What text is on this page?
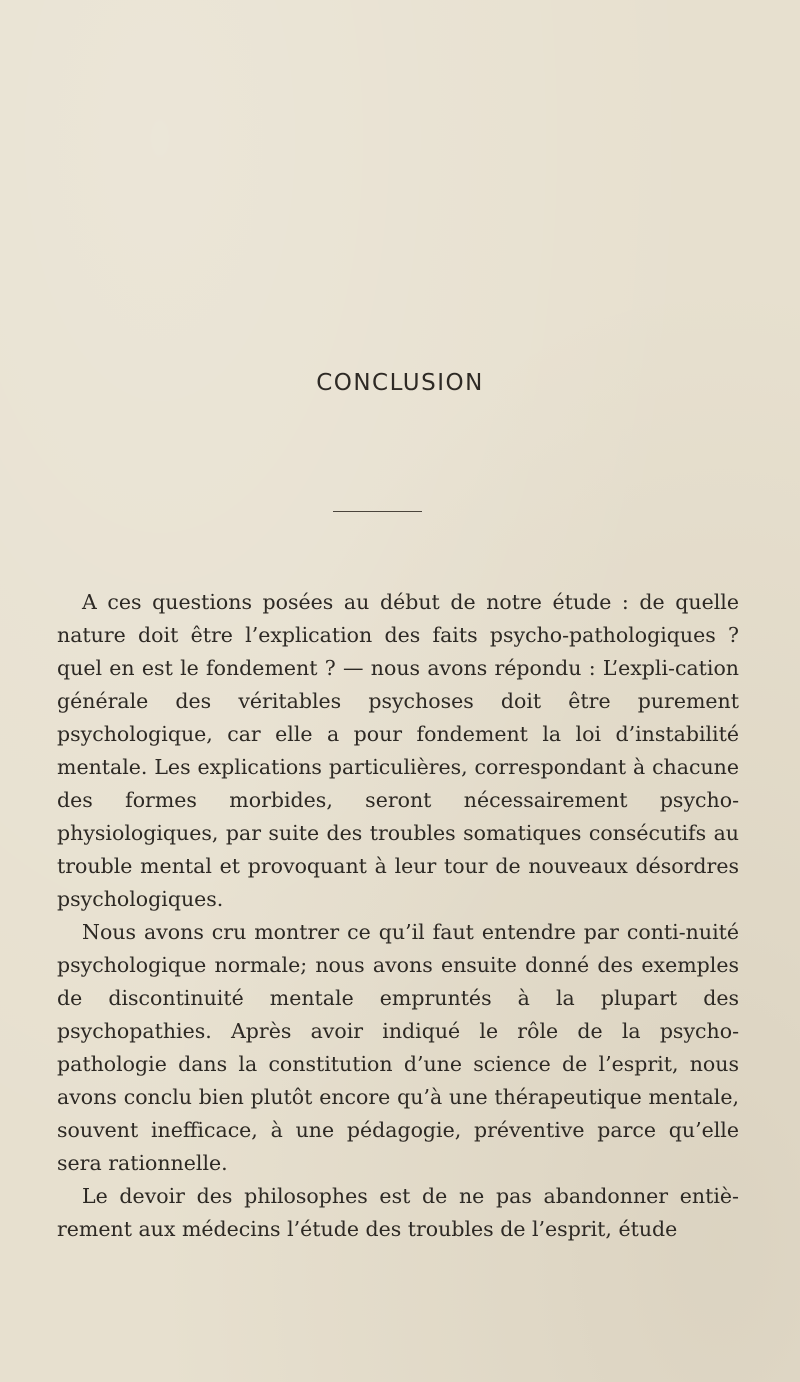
CONCLUSION

A ces questions posées au début de notre étude : de quelle nature doit être l’explication des faits psycho-pathologiques ? quel en est le fondement ? — nous avons répondu : L’expli-cation générale des véritables psychoses doit être purement psychologique, car elle a pour fondement la loi d’instabilité mentale. Les explications particulières, correspondant à chacune des formes morbides, seront nécessairement psycho-physiologiques, par suite des troubles somatiques consécutifs au trouble mental et provoquant à leur tour de nouveaux désordres psychologiques.

Nous avons cru montrer ce qu’il faut entendre par conti-nuité psychologique normale; nous avons ensuite donné des exemples de discontinuité mentale empruntés à la plupart des psychopathies. Après avoir indiqué le rôle de la psycho-pathologie dans la constitution d’une science de l’esprit, nous avons conclu bien plutôt encore qu’à une thérapeutique mentale, souvent inefficace, à une pédagogie, préventive parce qu’elle sera rationnelle.

Le devoir des philosophes est de ne pas abandonner entiè-rement aux médecins l’étude des troubles de l’esprit, étude
